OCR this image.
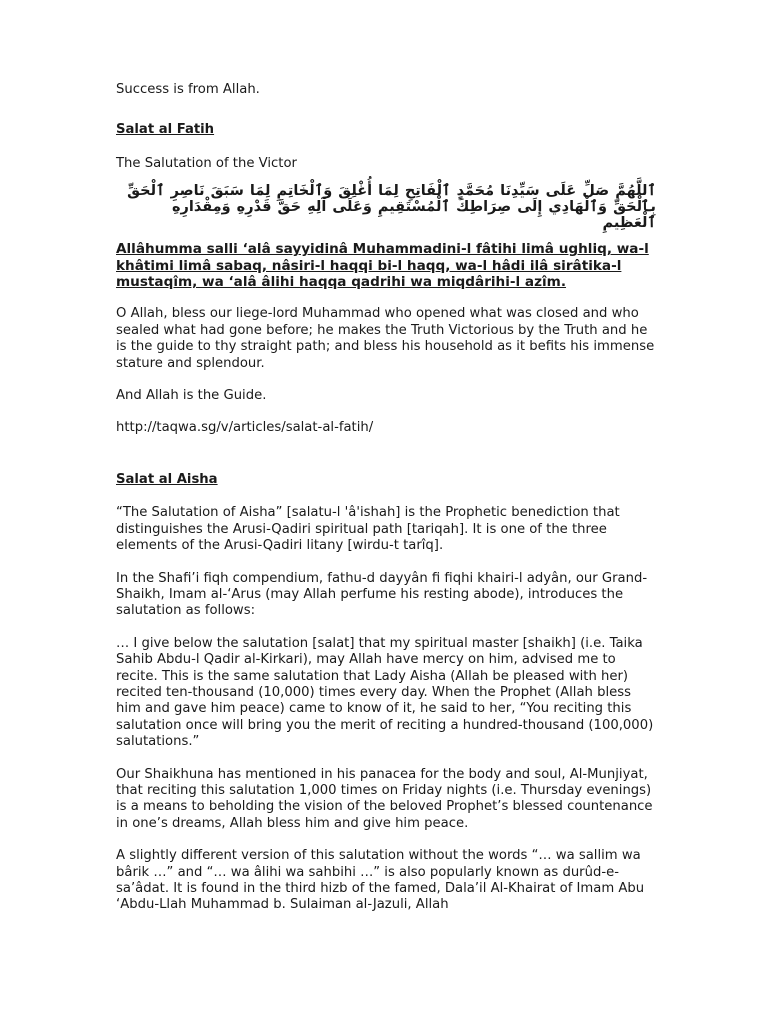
Success is from Allah.

Salat al Fatih

The Salutation of the Victor

ٱللَّهُمَّ صَلِّ عَلَى سَيِّدِنَا مُحَمَّدٍ ٱلْفَاتِحِ لِمَا أُغْلِقَ وَٱلْخَاتِمِ لِمَا سَبَقَ نَاصِرِ ٱلْحَقِّ بِٱلْحَقِّ وَٱلْهَادِي إِلَى صِرَاطِكَ ٱلْمُسْتَقِيمِ وَعَلَى آلِهِ حَقَّ قَدْرِهِ وَمِقْدَارِهِ ٱلْعَظِيمِ

Allâhumma salli ‘alâ sayyidinâ Muhammadini-l fâtihi limâ ughliq, wa-l khâtimi limâ sabaq, nâsiri-l haqqi bi-l haqq, wa-l hâdi ilâ sirâtika-l mustaqîm, wa ‘alâ âlihi haqqa qadrihi wa miqdârihi-l azîm.

O Allah, bless our liege-lord Muhammad who opened what was closed and who sealed what had gone before; he makes the Truth Victorious by the Truth and he is the guide to thy straight path; and bless his household as it befits his immense stature and splendour.

And Allah is the Guide.

http://taqwa.sg/v/articles/salat-al-fatih/

Salat al Aisha

“The Salutation of Aisha” [salatu-l 'â'ishah] is the Prophetic benediction that distinguishes the Arusi-Qadiri spiritual path [tariqah]. It is one of the three elements of the Arusi-Qadiri litany [wirdu-t tarîq].

In the Shafi’i fiqh compendium, fathu-d dayyân fi fiqhi khairi-l adyân, our Grand-Shaikh, Imam al-‘Arus (may Allah perfume his resting abode), introduces the salutation as follows:

… I give below the salutation [salat] that my spiritual master [shaikh] (i.e. Taika Sahib Abdu-l Qadir al-Kirkari), may Allah have mercy on him, advised me to recite. This is the same salutation that Lady Aisha (Allah be pleased with her) recited ten-thousand (10,000) times every day. When the Prophet (Allah bless him and gave him peace) came to know of it, he said to her, “You reciting this salutation once will bring you the merit of reciting a hundred-thousand (100,000) salutations.”

Our Shaikhuna has mentioned in his panacea for the body and soul, Al-Munjiyat, that reciting this salutation 1,000 times on Friday nights (i.e. Thursday evenings) is a means to beholding the vision of the beloved Prophet’s blessed countenance in one’s dreams, Allah bless him and give him peace.

A slightly different version of this salutation without the words “… wa sallim wa bârik …” and “… wa âlihi wa sahbihi …” is also popularly known as durûd-e-sa’âdat. It is found in the third hizb of the famed, Dala’il Al-Khairat of Imam Abu ‘Abdu-Llah Muhammad b. Sulaiman al-Jazuli, Allah
